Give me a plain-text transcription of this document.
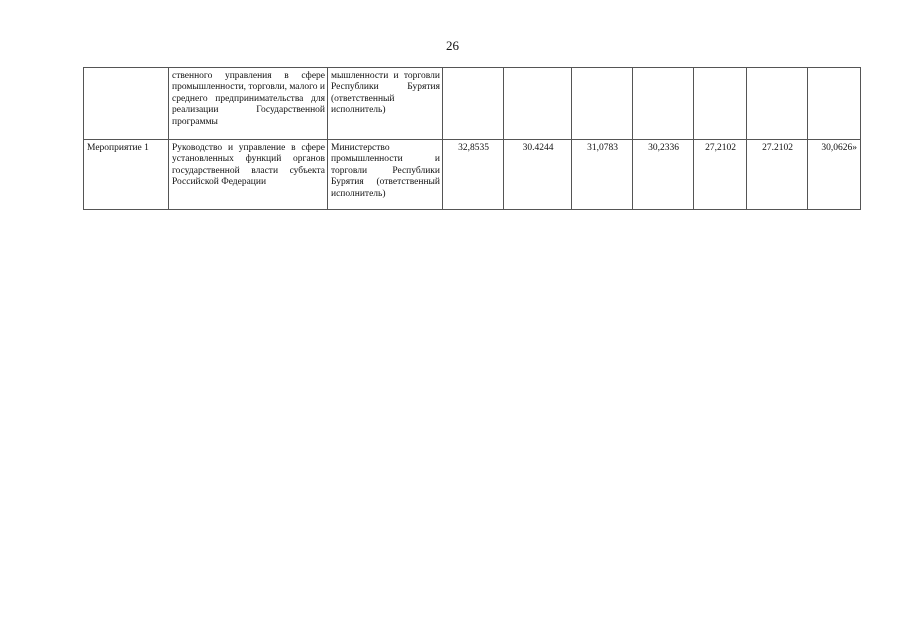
26
	ственного управления в сфере промышленности, торговли, малого и среднего предпринимательства для реализации Государственной программы	мышленности и торговли Республики Бурятия (ответственный исполнитель)							
Мероприятие 1	Руководство и управление в сфере установленных функций органов государственной власти субъекта Российской Федерации	Министерство промышленности и торговли Республики Бурятия (ответственный исполнитель)	32,8535	30.4244	31,0783	30,2336	27,2102	27.2102	30,0626»
